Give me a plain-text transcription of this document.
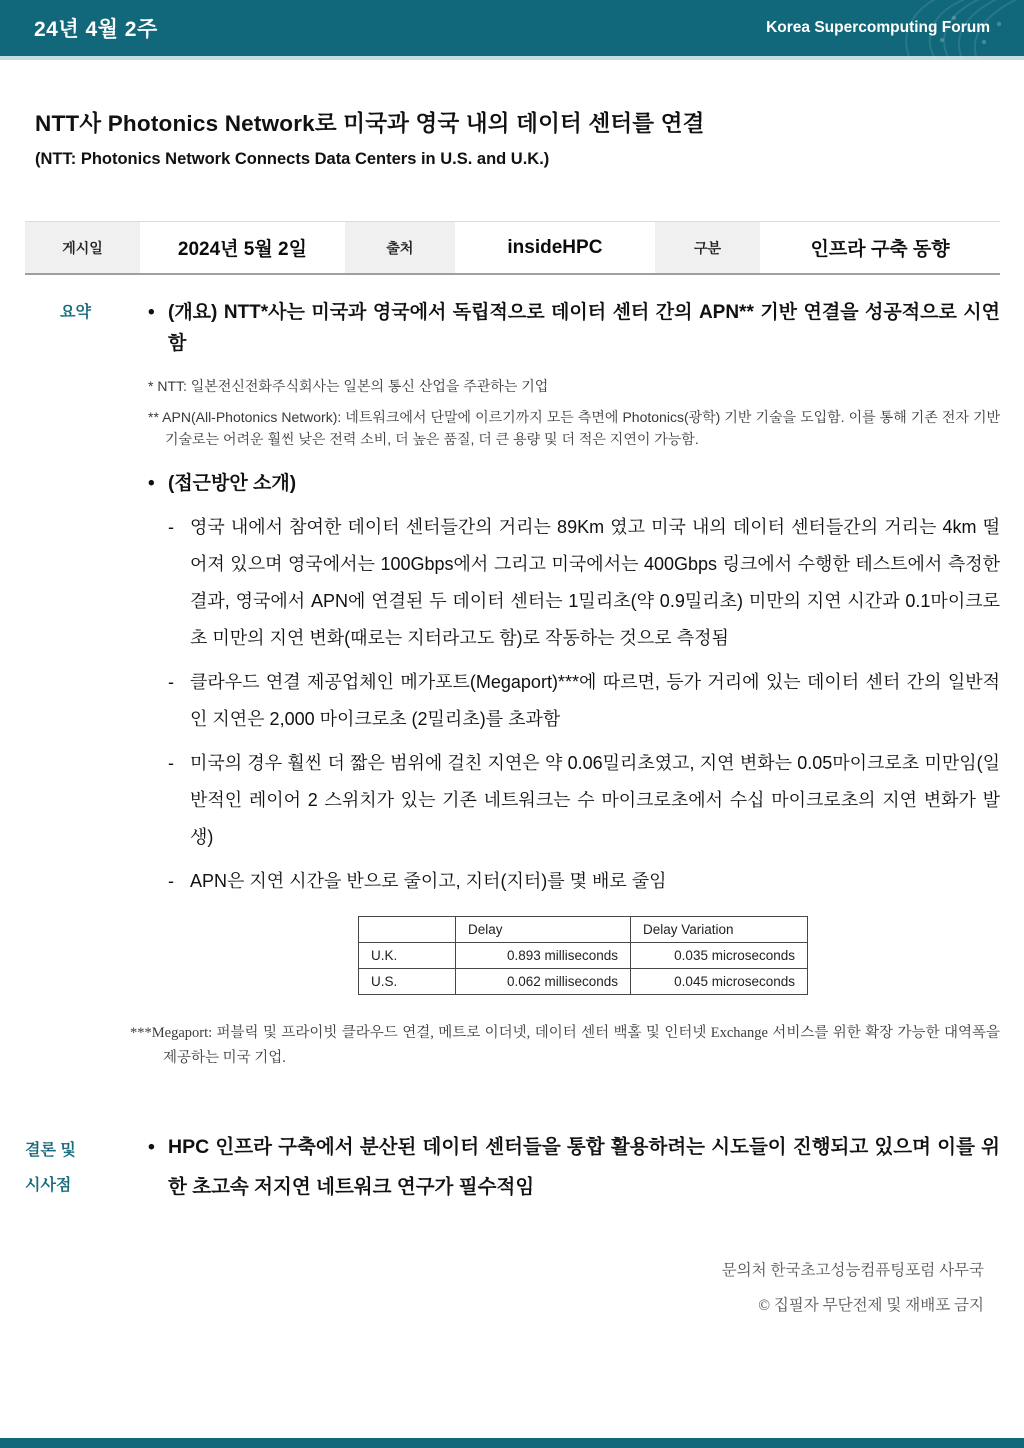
24년 4월 2주	Korea Supercomputing Forum
NTT사 Photonics Network로 미국과 영국 내의 데이터 센터를 연결
(NTT: Photonics Network Connects Data Centers in U.S. and U.K.)
게시일	2024년 5월 2일	출처	insideHPC	구분	인프라 구축 동향
요약	• (개요) NTT*사는 미국과 영국에서 독립적으로 데이터 센터 간의 APN** 기반 연결을 성공적으로 시연함
* NTT: 일본전신전화주식회사는 일본의 통신 산업을 주관하는 기업
** APN(All-Photonics Network): 네트워크에서 단말에 이르기까지 모든 측면에 Photonics(광학) 기반 기술을 도입함. 이를 통해 기존 전자 기반 기술로는 어려운 훨씬 낮은 전력 소비, 더 높은 품질, 더 큰 용량 및 더 적은 지연이 가능함.
• (접근방안 소개)
-
영국 내에서 참여한 데이터 센터들간의 거리는 89Km 였고 미국 내의 데이터 센터들간의 거리는 4km 떨어져 있으며 영국에서는 100Gbps에서 그리고 미국에서는 400Gbps 링크에서 수행한 테스트에서 측정한 결과, 영국에서 APN에 연결된 두 데이터 센터는 1밀리초(약 0.9밀리초) 미만의 지연 시간과 0.1마이크로초 미만의 지연 변화(때로는 지터라고도 함)로 작동하는 것으로 측정됨
-
클라우드 연결 제공업체인 메가포트(Megaport)***에 따르면, 등가 거리에 있는 데이터 센터 간의 일반적인 지연은 2,000 마이크로초 (2밀리초)를 초과함
-
미국의 경우 훨씬 더 짧은 범위에 걸친 지연은 약 0.06밀리초였고, 지연 변화는 0.05마이크로초 미만임(일반적인 레이어 2 스위치가 있는 기존 네트워크는 수 마이크로초에서 수십 마이크로초의 지연 변화가 발생)
-
APN은 지연 시간을 반으로 줄이고, 지터(지터)를 몇 배로 줄임
	Delay	Delay Variation
U.K.	0.893 milliseconds	0.035 microseconds
U.S.	0.062 milliseconds	0.045 microseconds
***Megaport: 퍼블릭 및 프라이빗 클라우드 연결, 메트로 이더넷, 데이터 센터 백홀 및 인터넷 Exchange 서비스를 위한 확장 가능한 대역폭을 제공하는 미국 기업.
결론 및
시사점
• HPC 인프라 구축에서 분산된 데이터 센터들을 통합 활용하려는 시도들이 진행되고 있으며 이를 위한 초고속 저지연 네트워크 연구가 필수적임
문의처 한국초고성능컴퓨팅포럼 사무국
© 집필자 무단전제 및 재배포 금지
